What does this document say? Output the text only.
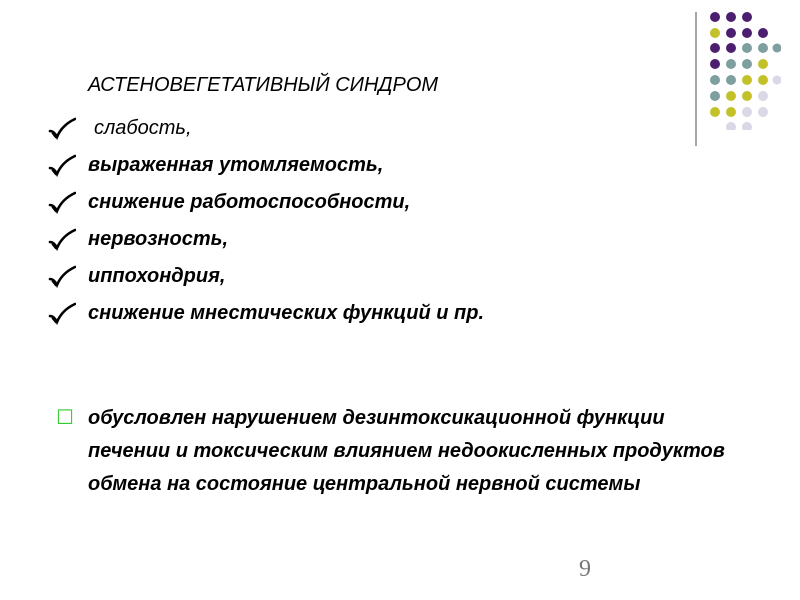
АСТЕНОВЕГЕТАТИВНЫЙ СИНДРОМ
слабость,
выраженная утомляемость,
снижение работоспособности,
нервозность,
иппохондрия,
снижение мнестических функций и пр.
☐ обусловлен нарушением дезинтоксикационной функции печении и токсическим влиянием недоокисленных продуктов обмена на состояние центральной нервной системы
9
